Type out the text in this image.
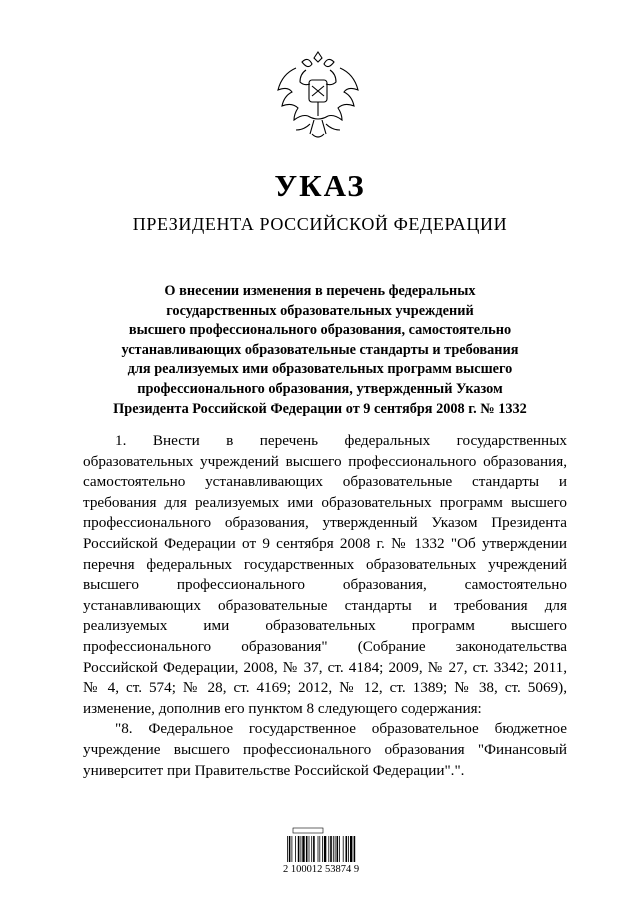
УКАЗ
ПРЕЗИДЕНТА РОССИЙСКОЙ ФЕДЕРАЦИИ
О внесении изменения в перечень федеральных
государственных образовательных учреждений
высшего профессионального образования, самостоятельно
устанавливающих образовательные стандарты и требования
для реализуемых ими образовательных программ высшего
профессионального образования, утвержденный Указом
Президента Российской Федерации от 9 сентября 2008 г. № 1332
1. Внести в перечень федеральных государственных
образовательных учреждений высшего профессионального образования,
самостоятельно устанавливающих образовательные стандарты и
требования для реализуемых ими образовательных программ высшего
профессионального образования, утвержденный Указом Президента
Российской Федерации от 9 сентября 2008 г. № 1332 "Об утверждении
перечня федеральных государственных образовательных учреждений
высшего профессионального образования, самостоятельно
устанавливающих образовательные стандарты и требования для
реализуемых ими образовательных программ высшего
профессионального образования" (Собрание законодательства
Российской Федерации, 2008, № 37, ст. 4184; 2009, № 27, ст. 3342; 2011,
№ 4, ст. 574; № 28, ст. 4169; 2012, № 12, ст. 1389; № 38, ст. 5069),
изменение, дополнив его пунктом 8 следующего содержания:
"8. Федеральное государственное образовательное бюджетное
учреждение высшего профессионального образования "Финансовый
университет при Правительстве Российской Федерации".".
2 100012 53874 9
